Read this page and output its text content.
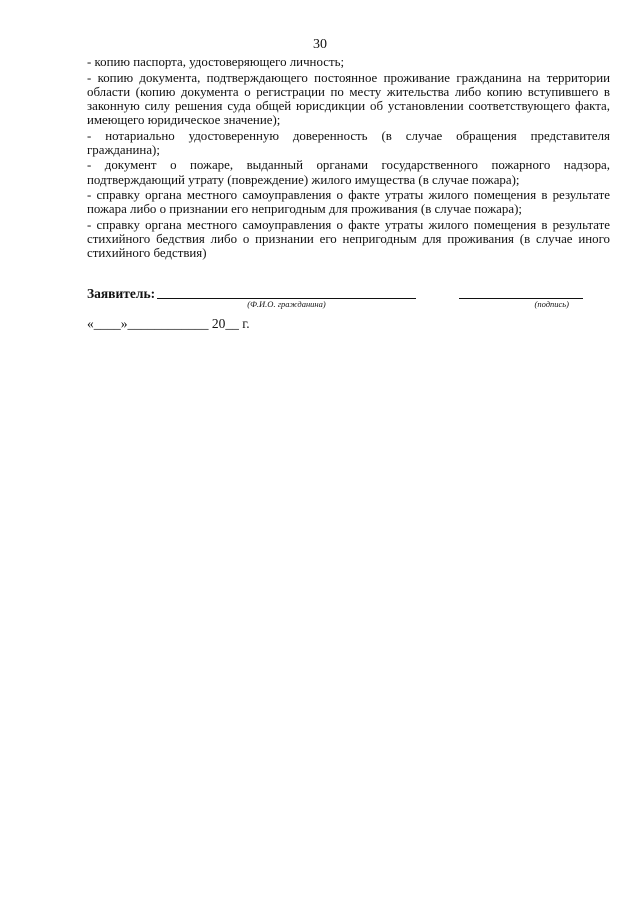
30
- копию паспорта, удостоверяющего личность;
- копию документа, подтверждающего постоянное проживание гражданина на территории области (копию документа о регистрации по месту жительства либо копию вступившего в законную силу решения суда общей юрисдикции об установлении соответствующего факта, имеющего юридическое значение);
- нотариально удостоверенную доверенность (в случае обращения представителя гражданина);
- документ о пожаре, выданный органами государственного пожарного надзора, подтверждающий утрату (повреждение) жилого имущества (в случае пожара);
- справку органа местного самоуправления о факте утраты жилого помещения в результате пожара либо о признании его непригодным для проживания (в случае пожара);
- справку органа местного самоуправления о факте утраты жилого помещения в результате стихийного бедствия либо о признании его непригодным для проживания (в случае иного стихийного бедствия)
Заявитель:
(Ф.И.О. гражданина)	(подпись)
«____»____________ 20__ г.
